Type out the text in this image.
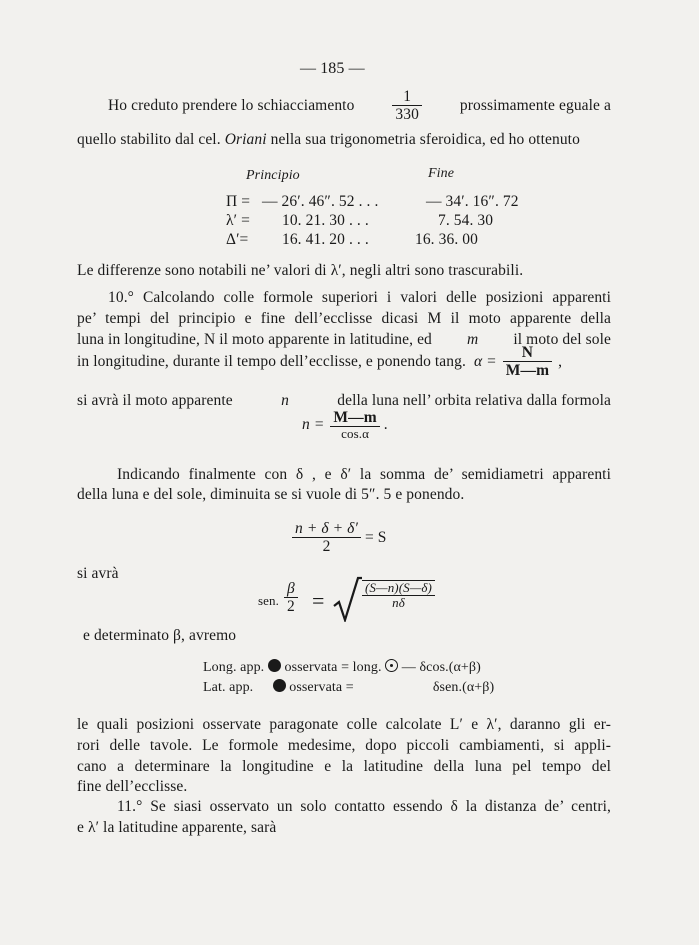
— 185 —
Ho creduto prendere lo schiacciamento $\frac{1}{330}$ prossimamente eguale a
quello stabilito dal cel. Oriani nella sua trigonometria sferoidica, ed ho ottenuto
Principio	Fine
Π = — 26′. 46″. 52 . . .	— 34′. 16″. 72
λ′ = 10. 21. 30 . . .	7. 54. 30
Δ′= 16. 41. 20 . . .	16. 36. 00
Le differenze sono notabili ne’ valori di λ′, negli altri sono trascurabili.
10.° Calcolando colle formole superiori i valori delle posizioni apparenti
pe’ tempi del principio e fine dell’ecclisse dicasi M il moto apparente della
luna in longitudine, N il moto apparente in latitudine, ed m il moto del sole
in longitudine, durante il tempo dell’ecclisse, e ponendo tang. $\alpha = \frac{N}{M—m}$ ,
si avrà il moto apparente	n	della luna nell’ orbita relativa dalla formola
$n = \frac{M—m}{\cos.\alpha}$ .
Indicando finalmente con δ , e δ′ la somma de’ semidiametri apparenti
della luna e del sole, diminuita se si vuole di 5″. 5 e ponendo.
$\frac{n + \delta + \delta'}{2} = S$
si avrà
sen. $\frac{\beta}{2}$ =	$\frac{(S—n)(S—\delta)}{n\delta}$
e determinato β, avremo
Long. app. osservata = long. — δcos.(α+β)
Lat. app.	osservata =	δsen.(α+β)
le quali posizioni osservate paragonate colle calcolate L′ e λ′, daranno gli er-
rori delle tavole. Le formole medesime, dopo piccoli cambiamenti, si appli-
cano a determinare la longitudine e la latitudine della luna pel tempo del
fine dell’ecclisse.
11.° Se siasi osservato un solo contatto essendo δ la distanza de’ centri,
e λ′ la latitudine apparente, sarà
